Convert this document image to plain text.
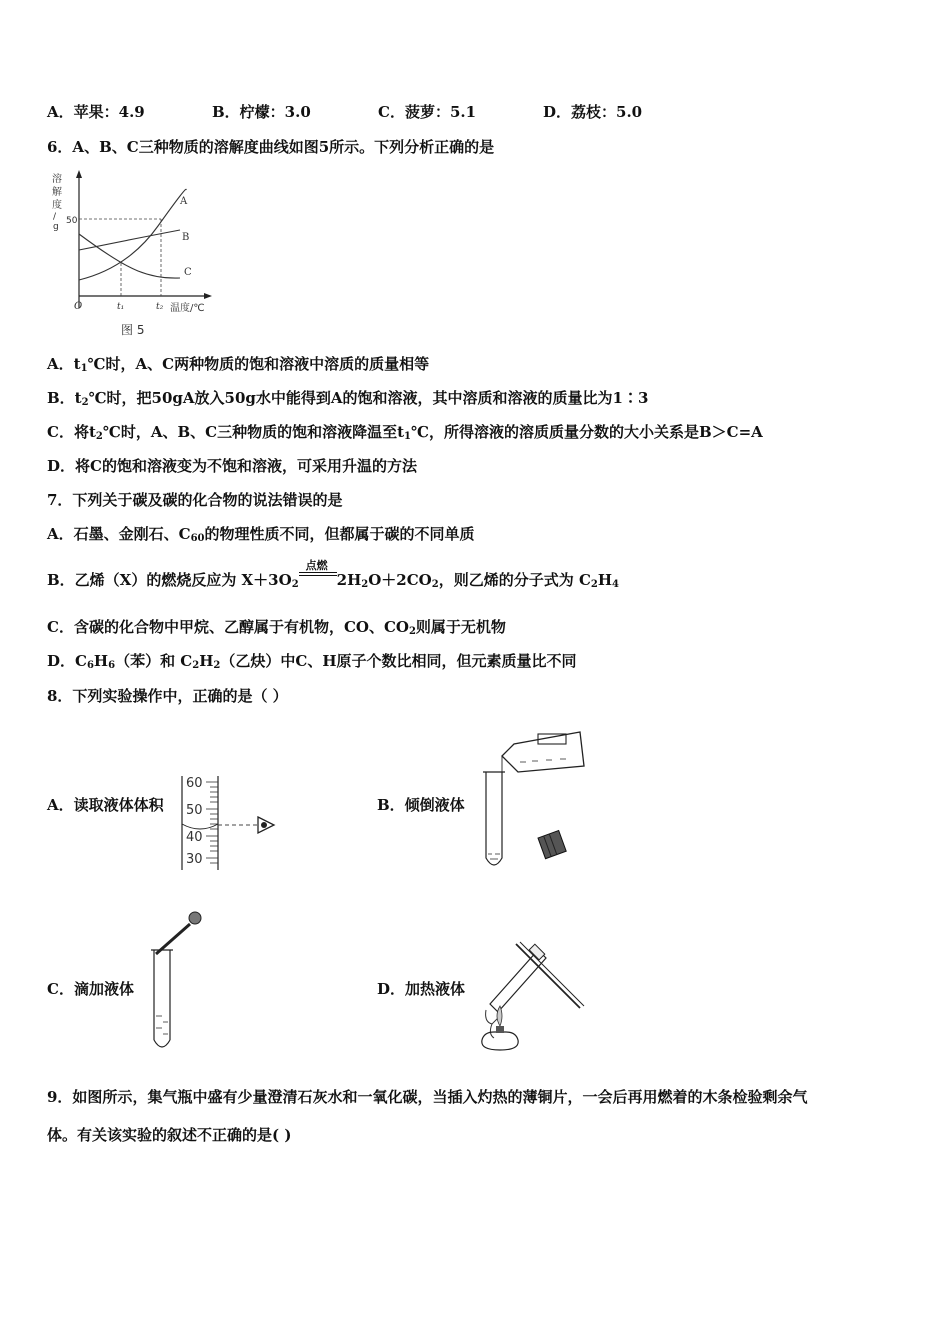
A．苹果：4.9	B．柠檬：3.0	C．菠萝：5.1	D．荔枝：5.0
6．A、B、C三种物质的溶解度曲线如图5所示。下列分析正确的是
溶
解
度
/
g
50
A
B
C
O	t₁	t₂ 温度/℃
图 5
A．$t_1℃$时，A、C两种物质的饱和溶液中溶质的质量相等
B．$t_2℃$时，把50gA放入50g水中能得到A的饱和溶液，其中溶质和溶液的质量比为1∶3
C．将$t_2℃$时，A、B、C三种物质的饱和溶液降温至$t_1℃$，所得溶液的溶质质量分数的大小关系是B＞C=A
D．将C的饱和溶液变为不饱和溶液，可采用升温的方法
7．下列关于碳及碳的化合物的说法错误的是
A．石墨、金刚石、$C_{60}$的物理性质不同，但都属于碳的不同单质
B．乙烯（X）的燃烧反应为 $X+3O_2$
点燃
$2H_2O+2CO_2$，则乙烯的分子式为 $C_2H_4$
C．含碳的化合物中甲烷、乙醇属于有机物，CO、$CO_2$则属于无机物
D．$C_6H_6$（苯）和 $C_2H_2$（乙炔）中C、H原子个数比相同，但元素质量比不同
8．下列实验操作中，正确的是（ ）
A．读取液体体积
60
50
40
30
B．倾倒液体
C．滴加液体	D．加热液体
9．如图所示，集气瓶中盛有少量澄清石灰水和一氧化碳，当插入灼热的薄铜片，一会后再用燃着的木条检验剩余气
体。有关该实验的叙述不正确的是( )
